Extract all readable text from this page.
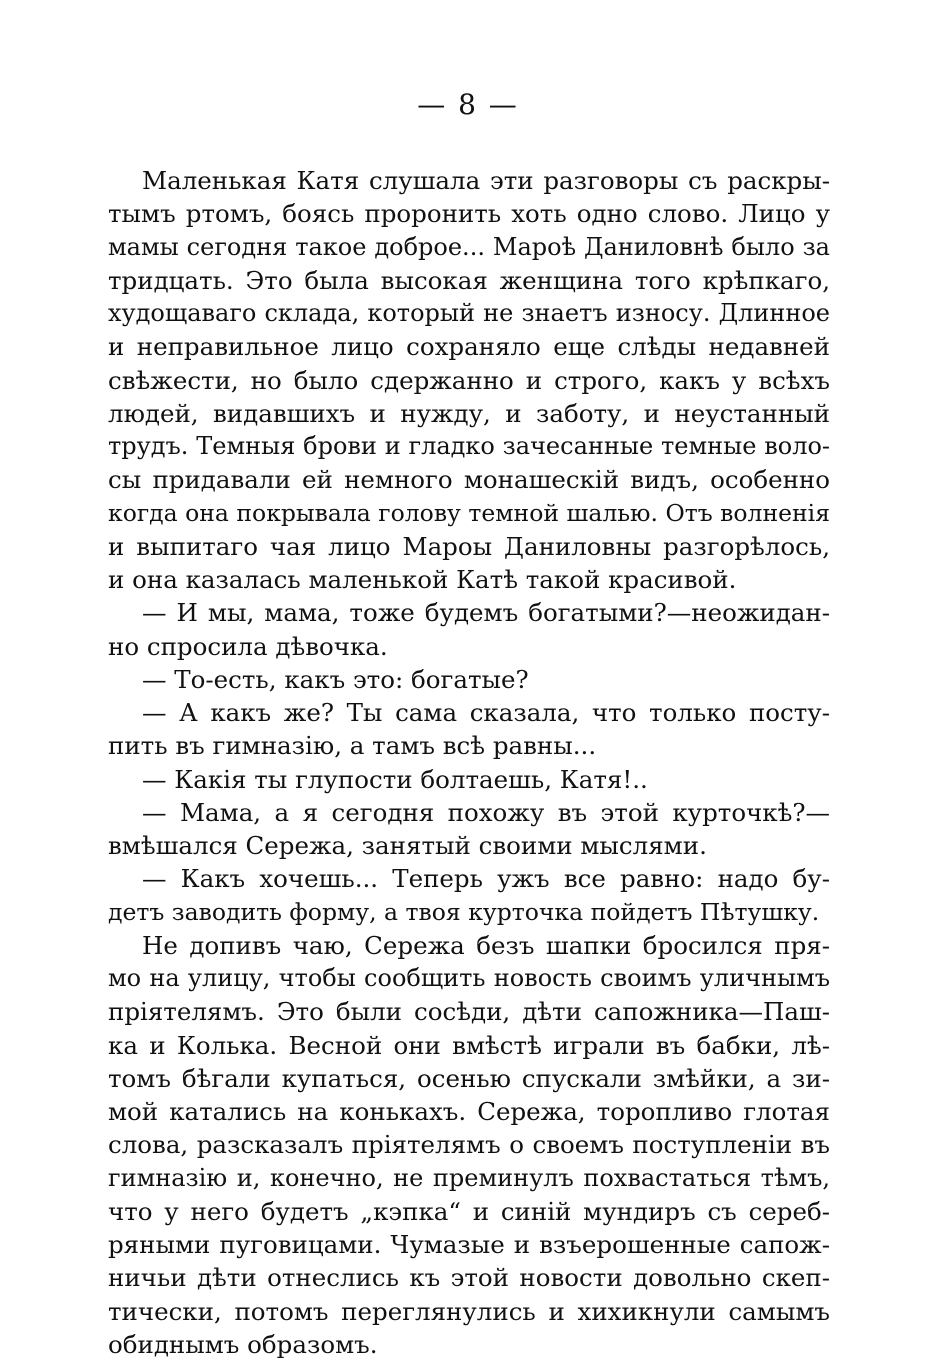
— 8 —
Маленькая Катя слушала эти разговоры съ раскры-
тымъ ртомъ, боясь проронить хоть одно слово. Лицо у
мамы сегодня такое доброе... Мароѣ Даниловнѣ было за
тридцать. Это была высокая женщина того крѣпкаго,
худощаваго склада, который не знаетъ износу. Длинное
и неправильное лицо сохраняло еще слѣды недавней
свѣжести, но было сдержанно и строго, какъ у всѣхъ
людей, видавшихъ и нужду, и заботу, и неустанный
трудъ. Темныя брови и гладко зачесанные темные воло-
сы придавали ей немного монашескій видъ, особенно
когда она покрывала голову темной шалью. Отъ волненія
и выпитаго чая лицо Мароы Даниловны разгорѣлось,
и она казалась маленькой Катѣ такой красивой.
— И мы, мама, тоже будемъ богатыми?—неожидан-
но спросила дѣвочка.
— То-есть, какъ это: богатые?
— А какъ же? Ты сама сказала, что только посту-
пить въ гимназію, а тамъ всѣ равны...
— Какія ты глупости болтаешь, Катя!..
— Мама, а я сегодня похожу въ этой курточкѣ?—
вмѣшался Сережа, занятый своими мыслями.
— Какъ хочешь... Теперь ужъ все равно: надо бу-
детъ заводить форму, а твоя курточка пойдетъ Пѣтушку.
Не допивъ чаю, Сережа безъ шапки бросился пря-
мо на улицу, чтобы сообщить новость своимъ уличнымъ
пріятелямъ. Это были сосѣди, дѣти сапожника—Паш-
ка и Колька. Весной они вмѣстѣ играли въ бабки, лѣ-
томъ бѣгали купаться, осенью спускали змѣйки, а зи-
мой катались на конькахъ. Сережа, торопливо глотая
слова, разсказалъ пріятелямъ о своемъ поступленіи въ
гимназію и, конечно, не преминулъ похвастаться тѣмъ,
что у него будетъ „кэпка“ и синій мундиръ съ сереб-
ряными пуговицами. Чумазые и взъерошенные сапож-
ничьи дѣти отнеслись къ этой новости довольно скеп-
тически, потомъ переглянулись и хихикнули самымъ
обиднымъ образомъ.
